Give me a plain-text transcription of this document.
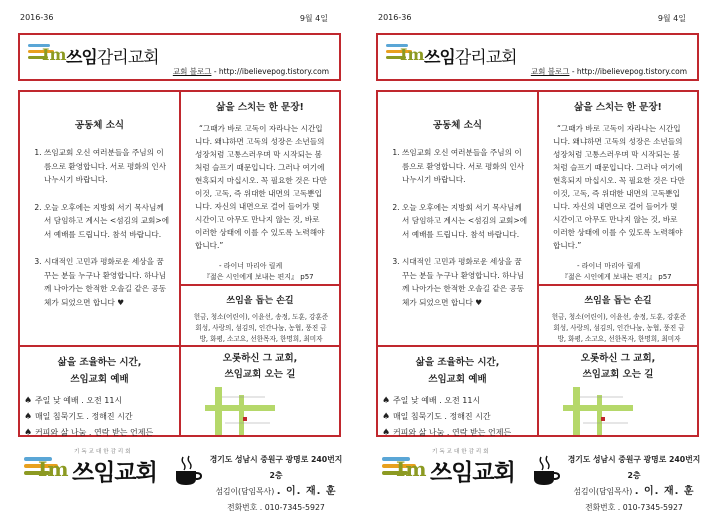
2016-36	9월 4일
Im 쓰임감리교회
교회 블로그 - http://ibelievepog.tistory.com
공동체 소식
1. 쓰임교회 오신 여러분들을 주님의 이름으로 환영합니다. 서로 평화의 인사 나누시기 바랍니다.
2. 오늘 오후에는 지방회 서기 목사님께서 담임하고 계시는 <섬김의 교회>에서 예배를 드립니다. 참석 바랍니다.
3. 시대적인 고민과 평화로운 세상을 꿈꾸는 분들 누구나 환영합니다. 하나님께 나아가는 한적한 오솔길 같은 공동체가 되었으면 합니다 ♥
삶을 스치는 한 문장!
“그때가 바로 고독이 자라나는 시간입니다. 왜냐하면 고독의 성장은 소년들의 성장처럼 고통스러우며 막 시작되는 봄처럼 슬프기 때문입니다. 그러나 여기에 현혹되지 마십시오. 꼭 필요한 것은 다만 이것, 고독, 즉 위대한 내면의 고독뿐입니다. 자신의 내면으로 걸어 들어가 몇 시간이고 아무도 만나지 않는 것, 바로 이러한 상태에 이를 수 있도록 노력해야 합니다.”
- 라이너 마리아 릴케
『젊은 시인에게 보내는 편지』 p57
쓰임을 돕는 손길
헌금, 청소(어린이), 이윤선, 송정, 도훈, 강훈준 회성, 사랑의, 섬김의, 인간나눔, 농협, 풍진 금방, 화평, 소고요, 선한목자, 한명희, 최미자
삶을 조율하는 시간,
쓰임교회 예배
♠ 주일 낮 예배 . 오전 11시
♠ 매일 침묵기도 . 정해진 시간
♠ 커피와 삶 나눔 . 연락 받는 언제든
오롯하신 그 교회,
쓰임교회 오는 길
기독교대한감리회
Im 쓰임교회
경기도 성남시 중원구 광명로 240번지 2층
섬김이(담임목사) . 이. 재. 훈
전화번호 . 010-7345-5927
2016-36	9월 4일
Im 쓰임감리교회
교회 블로그 - http://ibelievepog.tistory.com
공동체 소식
1. 쓰임교회 오신 여러분들을 주님의 이름으로 환영합니다. 서로 평화의 인사 나누시기 바랍니다.
2. 오늘 오후에는 지방회 서기 목사님께서 담임하고 계시는 <섬김의 교회>에서 예배를 드립니다. 참석 바랍니다.
3. 시대적인 고민과 평화로운 세상을 꿈꾸는 분들 누구나 환영합니다. 하나님께 나아가는 한적한 오솔길 같은 공동체가 되었으면 합니다 ♥
삶을 스치는 한 문장!
“그때가 바로 고독이 자라나는 시간입니다. 왜냐하면 고독의 성장은 소년들의 성장처럼 고통스러우며 막 시작되는 봄처럼 슬프기 때문입니다. 그러나 여기에 현혹되지 마십시오. 꼭 필요한 것은 다만 이것, 고독, 즉 위대한 내면의 고독뿐입니다. 자신의 내면으로 걸어 들어가 몇 시간이고 아무도 만나지 않는 것, 바로 이러한 상태에 이를 수 있도록 노력해야 합니다.”
- 라이너 마리아 릴케
『젊은 시인에게 보내는 편지』 p57
쓰임을 돕는 손길
헌금, 청소(어린이), 이윤선, 송정, 도훈, 강훈준 회성, 사랑의, 섬김의, 인간나눔, 농협, 풍진 금방, 화평, 소고요, 선한목자, 한명희, 최미자
삶을 조율하는 시간,
쓰임교회 예배
♠ 주일 낮 예배 . 오전 11시
♠ 매일 침묵기도 . 정해진 시간
♠ 커피와 삶 나눔 . 연락 받는 언제든
오롯하신 그 교회,
쓰임교회 오는 길
기독교대한감리회
Im 쓰임교회
경기도 성남시 중원구 광명로 240번지 2층
섬김이(담임목사) . 이. 재. 훈
전화번호 . 010-7345-5927
